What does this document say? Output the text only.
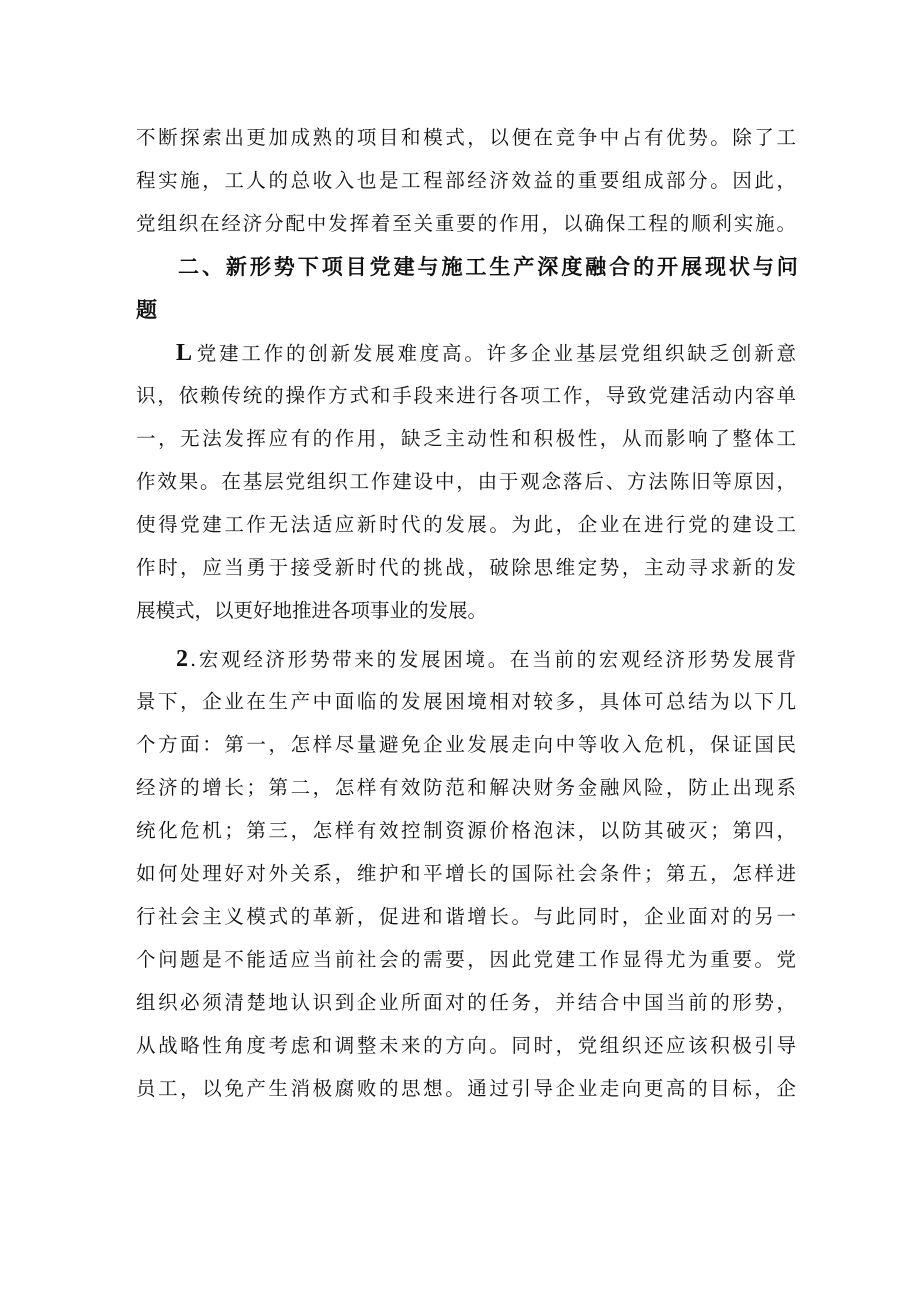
不断探索出更加成熟的项目和模式，以便在竞争中占有优势。除了工
程实施，工人的总收入也是工程部经济效益的重要组成部分。因此，
党组织在经济分配中发挥着至关重要的作用，以确保工程的顺利实施。
二、新形势下项目党建与施工生产深度融合的开展现状与问
题
L 党建工作的创新发展难度高。许多企业基层党组织缺乏创新意
识，依赖传统的操作方式和手段来进行各项工作，导致党建活动内容单
一，无法发挥应有的作用，缺乏主动性和积极性，从而影响了整体工
作效果。在基层党组织工作建设中，由于观念落后、方法陈旧等原因，
使得党建工作无法适应新时代的发展。为此，企业在进行党的建设工
作时，应当勇于接受新时代的挑战，破除思维定势，主动寻求新的发
展模式，以更好地推进各项事业的发展。
2 .宏观经济形势带来的发展困境。在当前的宏观经济形势发展背
景下，企业在生产中面临的发展困境相对较多，具体可总结为以下几
个方面：第一，怎样尽量避免企业发展走向中等收入危机，保证国民
经济的增长；第二，怎样有效防范和解决财务金融风险，防止出现系
统化危机；第三，怎样有效控制资源价格泡沫，以防其破灭；第四，
如何处理好对外关系，维护和平增长的国际社会条件；第五，怎样进
行社会主义模式的革新，促进和谐增长。与此同时，企业面对的另一
个问题是不能适应当前社会的需要，因此党建工作显得尤为重要。党
组织必须清楚地认识到企业所面对的任务，并结合中国当前的形势，
从战略性角度考虑和调整未来的方向。同时，党组织还应该积极引导
员工，以免产生消极腐败的思想。通过引导企业走向更高的目标，企
